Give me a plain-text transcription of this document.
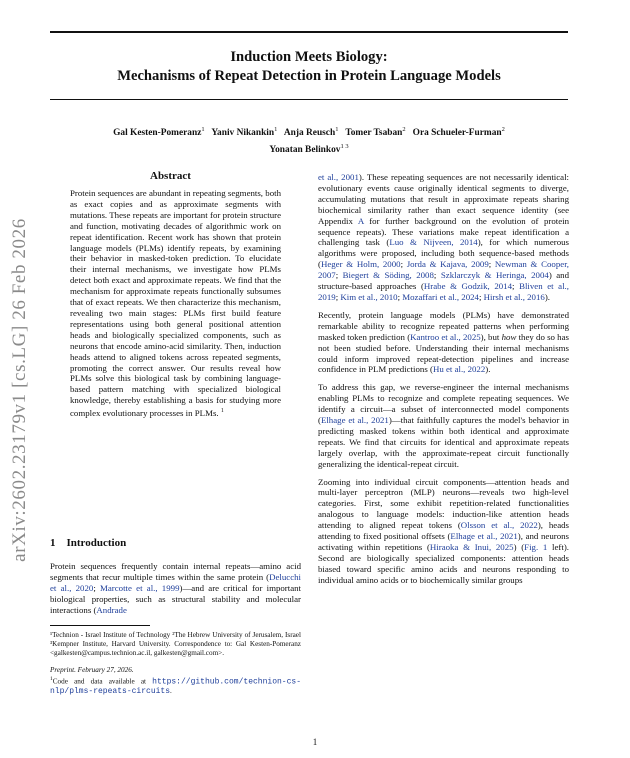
arXiv:2602.23179v1 [cs.LG] 26 Feb 2026
Induction Meets Biology:
Mechanisms of Repeat Detection in Protein Language Models
Gal Kesten-Pomeranz$^1$ Yaniv Nikankin$^1$ Anja Reusch$^1$ Tomer Tsaban$^2$ Ora Schueler-Furman$^2$
Yonatan Belinkov$^{1 3}$
Abstract

Protein sequences are abundant in repeating segments, both as exact copies and as approximate segments with mutations. These repeats are important for protein structure and function, motivating decades of algorithmic work on repeat identification. Recent work has shown that protein language models (PLMs) identify repeats, by examining their behavior in masked-token prediction. To elucidate their internal mechanisms, we investigate how PLMs detect both exact and approximate repeats. We find that the mechanism for approximate repeats functionally subsumes that of exact repeats. We then characterize this mechanism, revealing two main stages: PLMs first build feature representations using both general positional attention heads and biologically specialized components, such as neurons that encode amino-acid similarity. Then, induction heads attend to aligned tokens across repeated segments, promoting the correct answer. Our results reveal how PLMs solve this biological task by combining language-based pattern matching with specialized biological knowledge, thereby establishing a basis for studying more complex evolutionary processes in PLMs. $^1$

1 Introduction

Protein sequences frequently contain internal repeats—amino acid segments that recur multiple times within the same protein (Delucchi et al., 2020; Marcotte et al., 1999)—and are critical for important biological properties, such as structural stability and molecular interactions (Andrade

et al., 2001). These repeating sequences are not necessarily identical: evolutionary events cause originally identical segments to diverge, accumulating mutations that result in approximate repeats sharing biochemical similarity rather than exact sequence identity (see Appendix A for further background on the evolution of protein sequence repeats). These variations make repeat identification a challenging task (Luo & Nijveen, 2014), for which numerous algorithms were proposed, including both sequence-based methods (Heger & Holm, 2000; Jorda & Kajava, 2009; Newman & Cooper, 2007; Biegert & Söding, 2008; Szklarczyk & Heringa, 2004) and structure-based approaches (Hrabe & Godzik, 2014; Bliven et al., 2019; Kim et al., 2010; Mozaffari et al., 2024; Hirsh et al., 2016).

Recently, protein language models (PLMs) have demonstrated remarkable ability to recognize repeated patterns when performing masked token prediction (Kantroo et al., 2025), but how they do so has not been studied before. Understanding their internal mechanisms could inform improved repeat-detection pipelines and increase confidence in PLM predictions (Hu et al., 2022).

To address this gap, we reverse-engineer the internal mechanisms enabling PLMs to recognize and complete repeating sequences. We identify a circuit—a subset of interconnected model components (Elhage et al., 2021)—that faithfully captures the model's behavior in predicting masked tokens within both identical and approximate repeats. We find that circuits for identical and approximate repeats largely overlap, with the approximate-repeat circuit functionally generalizing the identical-repeat circuit.

Zooming into individual circuit components—attention heads and multi-layer perceptron (MLP) neurons—reveals two high-level categories. First, some exhibit repetition-related functionalities analogous to language models: induction-like attention heads attending to aligned repeat tokens (Olsson et al., 2022), heads attending to fixed positional offsets (Elhage et al., 2021), and neurons activating within repetitions (Hiraoka & Inui, 2025) (Fig. 1 left). Second are biologically specialized components: attention heads biased toward specific amino acids and neurons responding to individual amino acids or to biochemically similar groups

¹Technion - Israel Institute of Technology ²The Hebrew University of Jerusalem, Israel ³Kempner Institute, Harvard University. Correspondence to: Gal Kesten-Pomeranz <galkesten@campus.technion.ac.il, galkesten@gmail.com>.

Preprint. February 27, 2026.

$^1$Code and data available at https://github.com/technion-cs-nlp/plms-repeats-circuits.

1
